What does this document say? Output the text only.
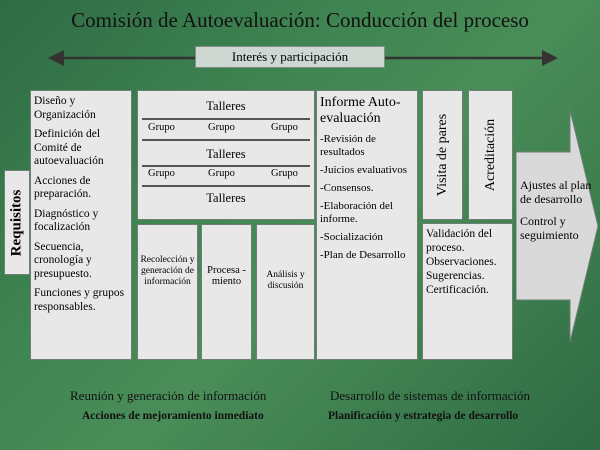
Comisión de Autoevaluación: Conducción del proceso
Interés y participación
Requisitos

Diseño y Organización

Definición del Comité de autoevaluación

Acciones de preparación.

Diagnóstico y focalización

Secuencia, cronología y presupuesto.

Funciones y grupos responsables.

Talleres
Grupo	Grupo	Grupo
Talleres
Grupo	Grupo	Grupo
Talleres
Recolección y generación de información
Procesa -miento
Análisis y discusión
Informe Auto-evaluación

-Revisión de resultados

-Juicios evaluativos

-Consensos.

-Elaboración del informe.

-Socialización

-Plan de Desarrollo

Visita de pares Acreditación
Validación del proceso.
Observaciones.
Sugerencias.
Certificación.

Ajustes al plan de desarrollo

Control y seguimiento

Reunión y generación de información	Desarrollo de sistemas de información
Acciones de mejoramiento inmediato	Planificación y estrategia de desarrollo
